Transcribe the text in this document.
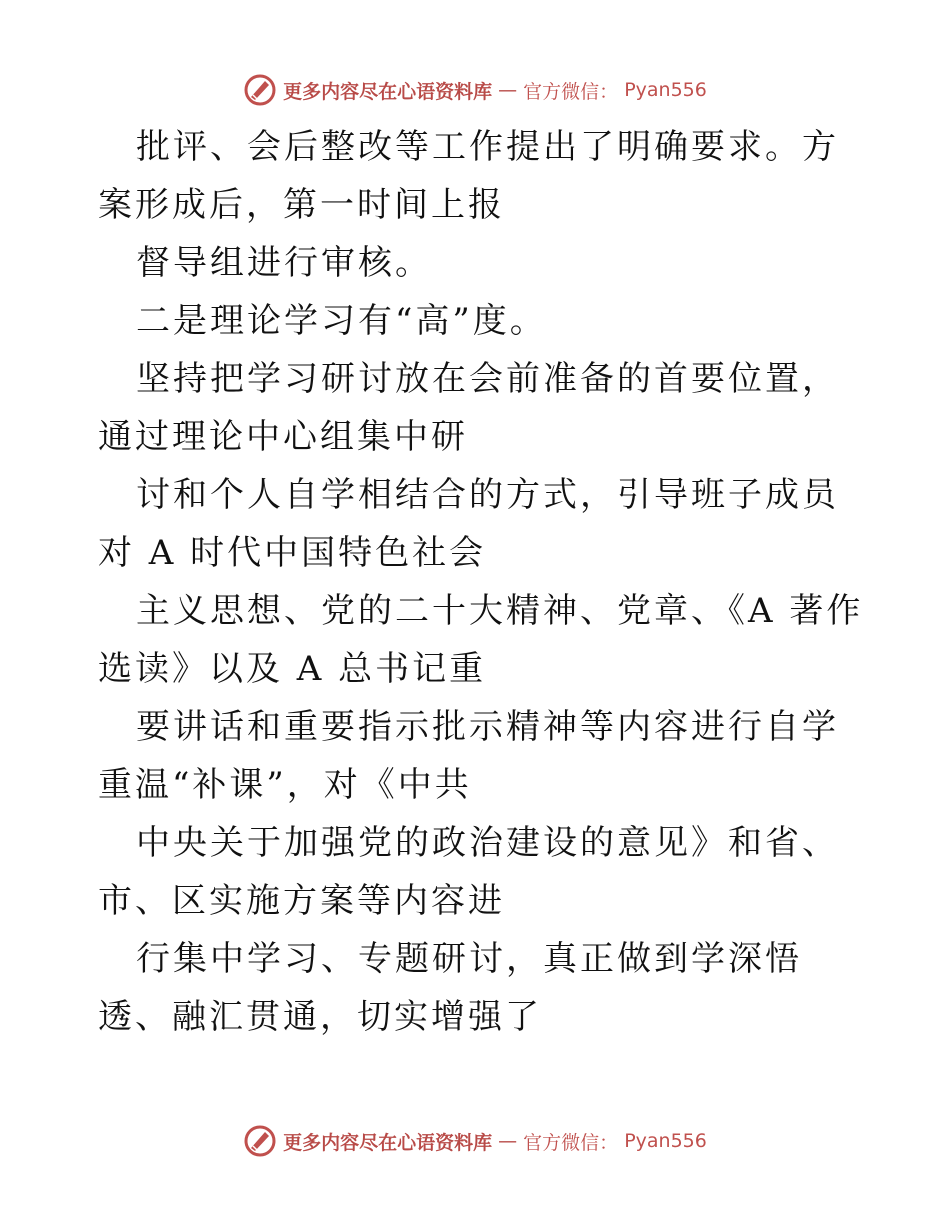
更多内容尽在心语资料库 — 官方微信： Pyan556

批评、会后整改等工作提出了明确要求。方案形成后，第一时间上报

督导组进行审核。

二是理论学习有“高”度。

坚持把学习研讨放在会前准备的首要位置，通过理论中心组集中研

讨和个人自学相结合的方式，引导班子成员对 A 时代中国特色社会

主义思想、党的二十大精神、党章、《A 著作选读》以及 A 总书记重

要讲话和重要指示批示精神等内容进行自学重温“补课”，对《中共

中央关于加强党的政治建设的意见》和省、市、区实施方案等内容进

行集中学习、专题研讨，真正做到学深悟透、融汇贯通，切实增强了

更多内容尽在心语资料库 — 官方微信： Pyan556
